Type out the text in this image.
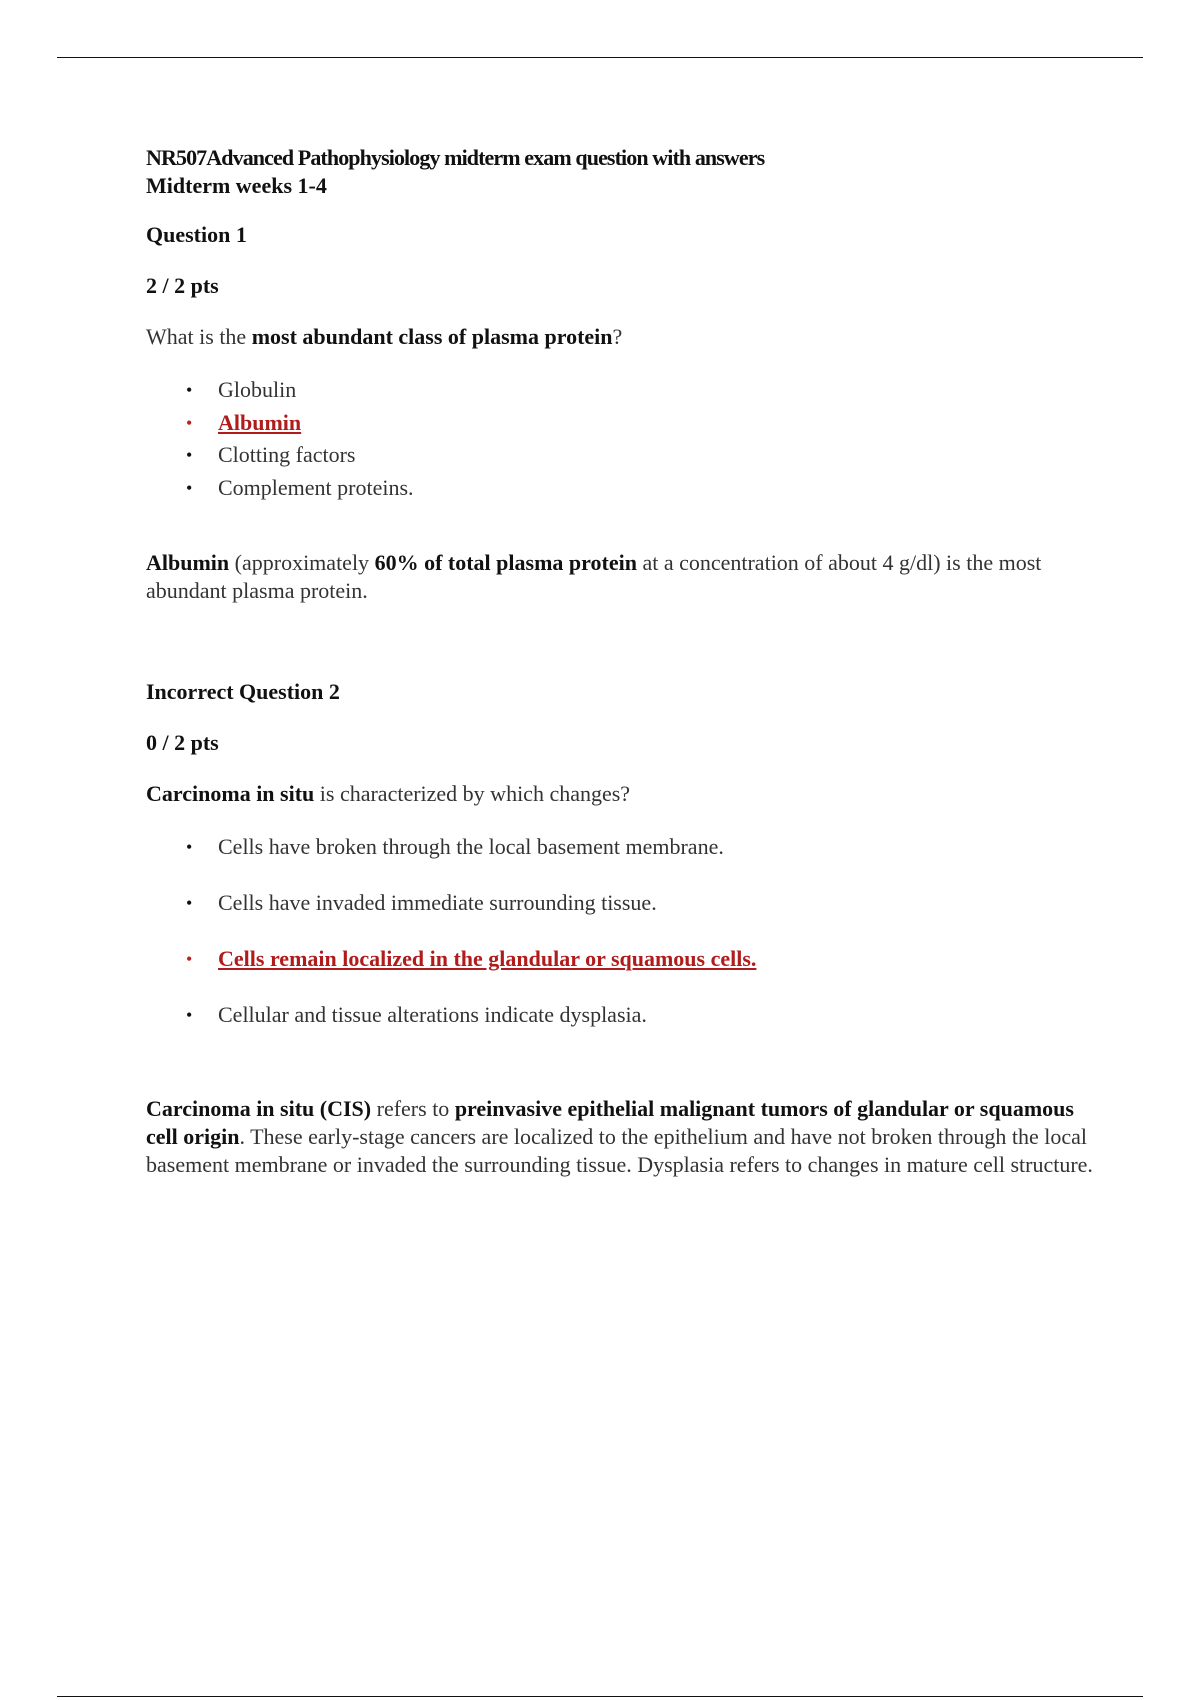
NR507Advanced Pathophysiology midterm exam question with answers

Midterm weeks 1-4

Question 1

2 / 2 pts

What is the most abundant class of plasma protein?

• Globulin
• Albumin
• Clotting factors
• Complement proteins.

Albumin (approximately 60% of total plasma protein at a concentration of about 4 g/dl) is the most abundant plasma protein.

Incorrect Question 2

0 / 2 pts

Carcinoma in situ is characterized by which changes?

• Cells have broken through the local basement membrane.
• Cells have invaded immediate surrounding tissue.
• Cells remain localized in the glandular or squamous cells.
• Cellular and tissue alterations indicate dysplasia.

Carcinoma in situ (CIS) refers to preinvasive epithelial malignant tumors of glandular or squamous cell origin. These early-stage cancers are localized to the epithelium and have not broken through the local basement membrane or invaded the surrounding tissue. Dysplasia refers to changes in mature cell structure.
